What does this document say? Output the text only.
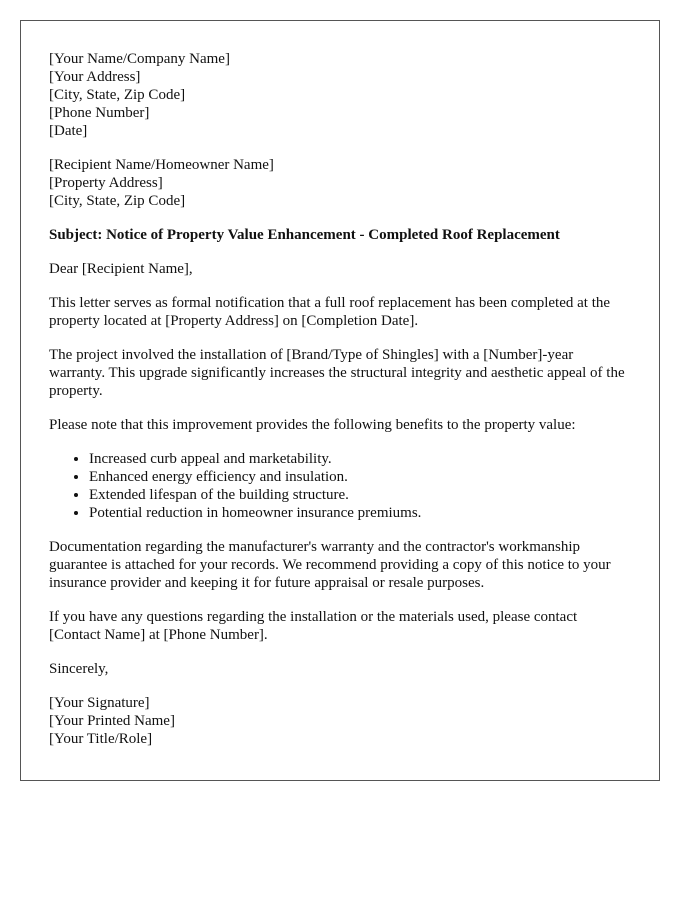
[Your Name/Company Name]
[Your Address]
[City, State, Zip Code]
[Phone Number]
[Date]
[Recipient Name/Homeowner Name]
[Property Address]
[City, State, Zip Code]

Subject: Notice of Property Value Enhancement - Completed Roof Replacement

Dear [Recipient Name],

This letter serves as formal notification that a full roof replacement has been completed at the property located at [Property Address] on [Completion Date].

The project involved the installation of [Brand/Type of Shingles] with a [Number]-year warranty. This upgrade significantly increases the structural integrity and aesthetic appeal of the property.

Please note that this improvement provides the following benefits to the property value:

• Increased curb appeal and marketability.
• Enhanced energy efficiency and insulation.
• Extended lifespan of the building structure.
• Potential reduction in homeowner insurance premiums.

Documentation regarding the manufacturer's warranty and the contractor's workmanship guarantee is attached for your records. We recommend providing a copy of this notice to your insurance provider and keeping it for future appraisal or resale purposes.

If you have any questions regarding the installation or the materials used, please contact [Contact Name] at [Phone Number].

Sincerely,

[Your Signature]
[Your Printed Name]
[Your Title/Role]
